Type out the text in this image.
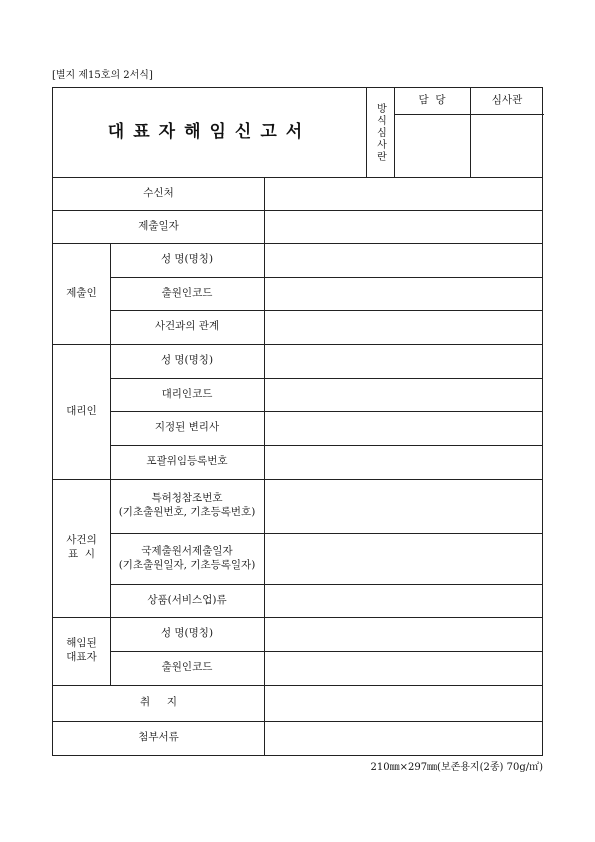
[별지 제15호의 2서식]
대표자해임신고서	방식심사란
담  당	심사관
수신처
제출일자
제출인
성 명(명칭)
출원인코드
사건과의 관계
대리인
성 명(명칭)
대리인코드
지정된 변리사
포괄위임등록번호
사건의
표  시
특허청참조번호
(기초출원번호, 기초등록번호)
국제출원서제출일자
(기초출원일자, 기초등록일자)
상품(서비스업)류
해임된
대표자
성 명(명칭)
출원인코드
취     지
첨부서류
210㎜×297㎜(보존용지(2종) 70g/㎡)
